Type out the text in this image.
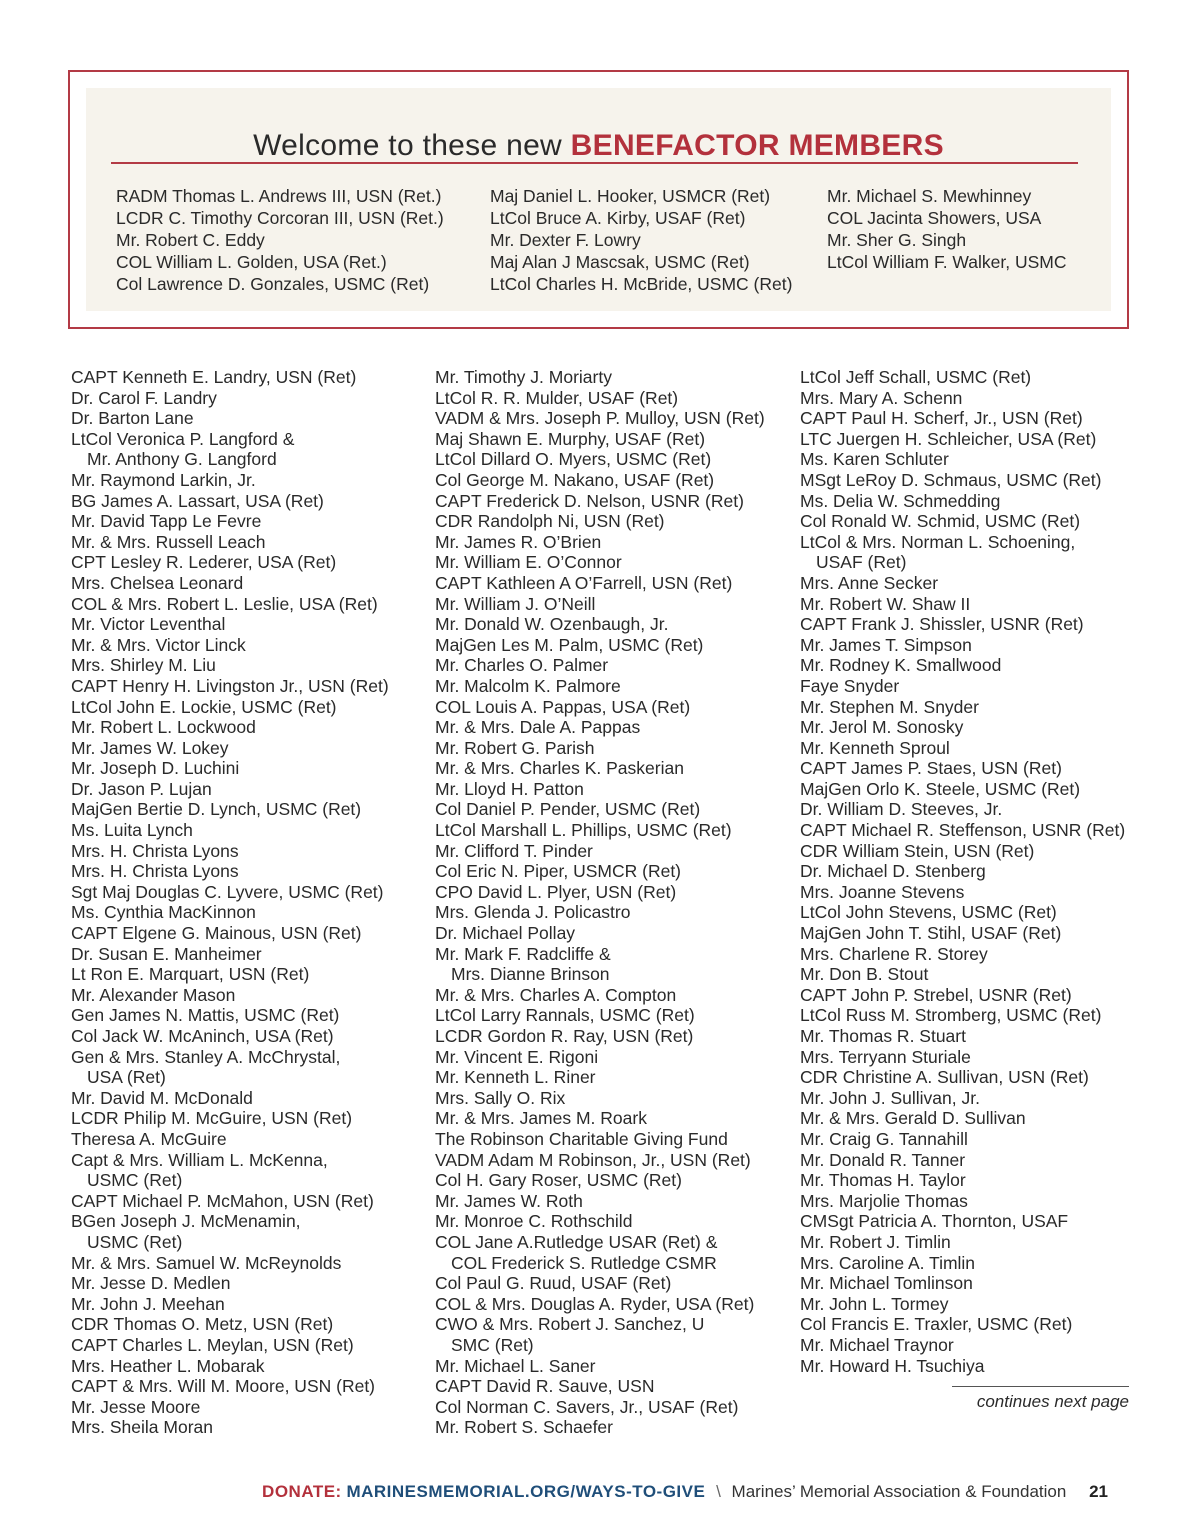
Welcome to these new BENEFACTOR MEMBERS
RADM Thomas L. Andrews III, USN (Ret.)
LCDR C. Timothy Corcoran III, USN (Ret.)
Mr. Robert C. Eddy
COL William L. Golden, USA (Ret.)
Col Lawrence D. Gonzales, USMC (Ret)
Maj Daniel L. Hooker, USMCR (Ret)
LtCol Bruce A. Kirby, USAF (Ret)
Mr. Dexter F. Lowry
Maj Alan J Mascsak, USMC (Ret)
LtCol Charles H. McBride, USMC (Ret)
Mr. Michael S. Mewhinney
COL Jacinta Showers, USA
Mr. Sher G. Singh
LtCol William F. Walker, USMC
CAPT Kenneth E. Landry, USN (Ret)
Dr. Carol F. Landry
Dr. Barton Lane
LtCol Veronica P. Langford &
Mr. Anthony G. Langford
Mr. Raymond Larkin, Jr.
BG James A. Lassart, USA (Ret)
Mr. David Tapp Le Fevre
Mr. & Mrs. Russell Leach
CPT Lesley R. Lederer, USA (Ret)
Mrs. Chelsea Leonard
COL & Mrs. Robert L. Leslie, USA (Ret)
Mr. Victor Leventhal
Mr. & Mrs. Victor Linck
Mrs. Shirley M. Liu
CAPT Henry H. Livingston Jr., USN (Ret)
LtCol John E. Lockie, USMC (Ret)
Mr. Robert L. Lockwood
Mr. James W. Lokey
Mr. Joseph D. Luchini
Dr. Jason P. Lujan
MajGen Bertie D. Lynch, USMC (Ret)
Ms. Luita Lynch
Mrs. H. Christa Lyons
Mrs. H. Christa Lyons
Sgt Maj Douglas C. Lyvere, USMC (Ret)
Ms. Cynthia MacKinnon
CAPT Elgene G. Mainous, USN (Ret)
Dr. Susan E. Manheimer
Lt Ron E. Marquart, USN (Ret)
Mr. Alexander Mason
Gen James N. Mattis, USMC (Ret)
Col Jack W. McAninch, USA (Ret)
Gen & Mrs. Stanley A. McChrystal,
USA (Ret)
Mr. David M. McDonald
LCDR Philip M. McGuire, USN (Ret)
Theresa A. McGuire
Capt & Mrs. William L. McKenna,
USMC (Ret)
CAPT Michael P. McMahon, USN (Ret)
BGen Joseph J. McMenamin,
USMC (Ret)
Mr. & Mrs. Samuel W. McReynolds
Mr. Jesse D. Medlen
Mr. John J. Meehan
CDR Thomas O. Metz, USN (Ret)
CAPT Charles L. Meylan, USN (Ret)
Mrs. Heather L. Mobarak
CAPT & Mrs. Will M. Moore, USN (Ret)
Mr. Jesse Moore
Mrs. Sheila Moran
Mr. Timothy J. Moriarty
LtCol R. R. Mulder, USAF (Ret)
VADM & Mrs. Joseph P. Mulloy, USN (Ret)
Maj Shawn E. Murphy, USAF (Ret)
LtCol Dillard O. Myers, USMC (Ret)
Col George M. Nakano, USAF (Ret)
CAPT Frederick D. Nelson, USNR (Ret)
CDR Randolph Ni, USN (Ret)
Mr. James R. O’Brien
Mr. William E. O’Connor
CAPT Kathleen A O’Farrell, USN (Ret)
Mr. William J. O’Neill
Mr. Donald W. Ozenbaugh, Jr.
MajGen Les M. Palm, USMC (Ret)
Mr. Charles O. Palmer
Mr. Malcolm K. Palmore
COL Louis A. Pappas, USA (Ret)
Mr. & Mrs. Dale A. Pappas
Mr. Robert G. Parish
Mr. & Mrs. Charles K. Paskerian
Mr. Lloyd H. Patton
Col Daniel P. Pender, USMC (Ret)
LtCol Marshall L. Phillips, USMC (Ret)
Mr. Clifford T. Pinder
Col Eric N. Piper, USMCR (Ret)
CPO David L. Plyer, USN (Ret)
Mrs. Glenda J. Policastro
Dr. Michael Pollay
Mr. Mark F. Radcliffe &
Mrs. Dianne Brinson
Mr. & Mrs. Charles A. Compton
LtCol Larry Rannals, USMC (Ret)
LCDR Gordon R. Ray, USN (Ret)
Mr. Vincent E. Rigoni
Mr. Kenneth L. Riner
Mrs. Sally O. Rix
Mr. & Mrs. James M. Roark
The Robinson Charitable Giving Fund
VADM Adam M Robinson, Jr., USN (Ret)
Col H. Gary Roser, USMC (Ret)
Mr. James W. Roth
Mr. Monroe C. Rothschild
COL Jane A.Rutledge USAR (Ret) &
COL Frederick S. Rutledge CSMR
Col Paul G. Ruud, USAF (Ret)
COL & Mrs. Douglas A. Ryder, USA (Ret)
CWO & Mrs. Robert J. Sanchez, U
SMC (Ret)
Mr. Michael L. Saner
CAPT David R. Sauve, USN
Col Norman C. Savers, Jr., USAF (Ret)
Mr. Robert S. Schaefer
LtCol Jeff Schall, USMC (Ret)
Mrs. Mary A. Schenn
CAPT Paul H. Scherf, Jr., USN (Ret)
LTC Juergen H. Schleicher, USA (Ret)
Ms. Karen Schluter
MSgt LeRoy D. Schmaus, USMC (Ret)
Ms. Delia W. Schmedding
Col Ronald W. Schmid, USMC (Ret)
LtCol & Mrs. Norman L. Schoening,
USAF (Ret)
Mrs. Anne Secker
Mr. Robert W. Shaw II
CAPT Frank J. Shissler, USNR (Ret)
Mr. James T. Simpson
Mr. Rodney K. Smallwood
Faye Snyder
Mr. Stephen M. Snyder
Mr. Jerol M. Sonosky
Mr. Kenneth Sproul
CAPT James P. Staes, USN (Ret)
MajGen Orlo K. Steele, USMC (Ret)
Dr. William D. Steeves, Jr.
CAPT Michael R. Steffenson, USNR (Ret)
CDR William Stein, USN (Ret)
Dr. Michael D. Stenberg
Mrs. Joanne Stevens
LtCol John Stevens, USMC (Ret)
MajGen John T. Stihl, USAF (Ret)
Mrs. Charlene R. Storey
Mr. Don B. Stout
CAPT John P. Strebel, USNR (Ret)
LtCol Russ M. Stromberg, USMC (Ret)
Mr. Thomas R. Stuart
Mrs. Terryann Sturiale
CDR Christine A. Sullivan, USN (Ret)
Mr. John J. Sullivan, Jr.
Mr. & Mrs. Gerald D. Sullivan
Mr. Craig G. Tannahill
Mr. Donald R. Tanner
Mr. Thomas H. Taylor
Mrs. Marjolie Thomas
CMSgt Patricia A. Thornton, USAF
Mr. Robert J. Timlin
Mrs. Caroline A. Timlin
Mr. Michael Tomlinson
Mr. John L. Tormey
Col Francis E. Traxler, USMC (Ret)
Mr. Michael Traynor
Mr. Howard H. Tsuchiya
continues next page
DONATE: MARINESMEMORIAL.ORG/WAYS-TO-GIVE \ Marines’ Memorial Association & Foundation 21
